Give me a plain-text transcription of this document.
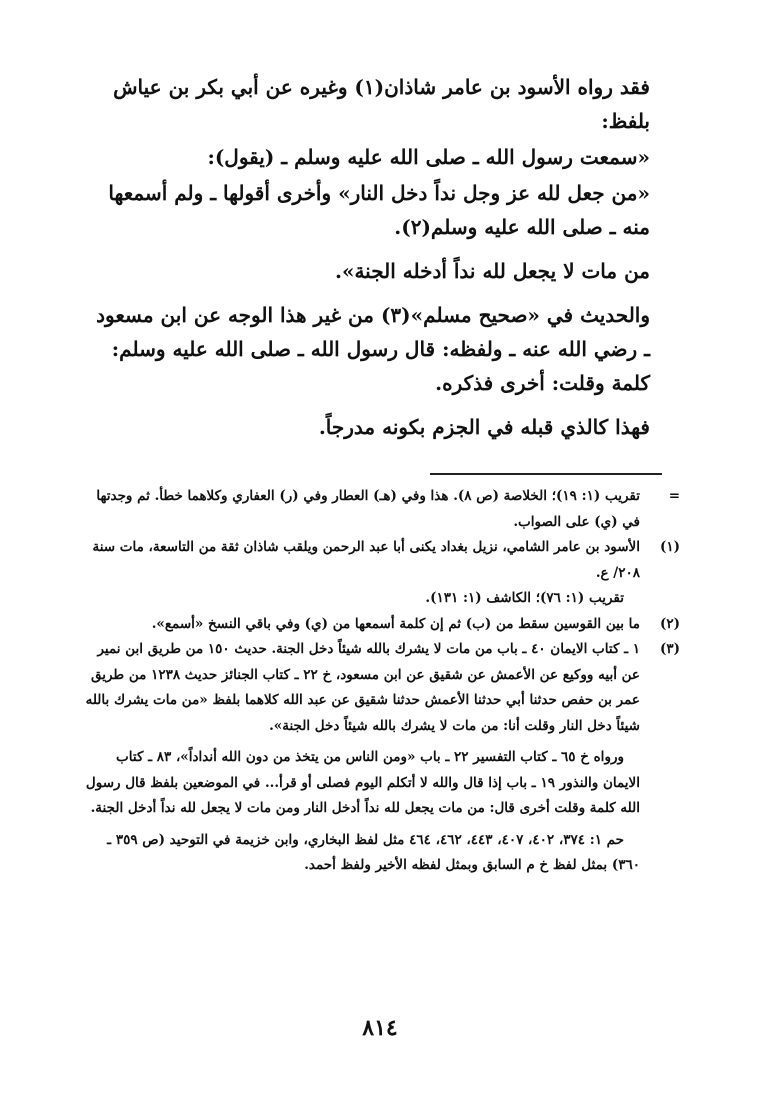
فقد رواه الأسود بن عامر شاذان(١) وغيره عن أبي بكر بن عياش بلفظ:

«سمعت رسول الله ـ صلى الله عليه وسلم ـ (يقول):

«من جعل لله عز وجل نداً دخل النار» وأخرى أقولها ـ ولم أسمعها منه ـ صلى الله عليه وسلم(٢).

من مات لا يجعل لله نداً أدخله الجنة».

والحديث في «صحيح مسلم»(٣) من غير هذا الوجه عن ابن مسعود ـ رضي الله عنه ـ ولفظه: قال رسول الله ـ صلى الله عليه وسلم: كلمة وقلت: أخرى فذكره.

فهذا كالذي قبله في الجزم بكونه مدرجاً.

=

تقريب (١: ١٩)؛ الخلاصة (ص ٨). هذا وفي (هـ) العطار وفي (ر) العفاري وكلاهما خطأ. ثم وجدتها في (ي) على الصواب.

(١)

الأسود بن عامر الشامي، نزيل بغداد يكنى أبا عبد الرحمن ويلقب شاذان ثقة من التاسعة، مات سنة ٢٠٨/ ع.

تقريب (١: ٧٦)؛ الكاشف (١: ١٣١).

(٢)

ما بين القوسين سقط من (ب) ثم إن كلمة أسمعها من (ي) وفي باقي النسخ «أسمع».

(٣)

١ ـ كتاب الايمان ٤٠ ـ باب من مات لا يشرك بالله شيئاً دخل الجنة. حديث ١٥٠ من طريق ابن نمير عن أبيه ووكيع عن الأعمش عن شقيق عن ابن مسعود، خ ٢٢ ـ كتاب الجنائز حديث ١٢٣٨ من طريق عمر بن حفص حدثنا أبي حدثنا الأعمش حدثنا شقيق عن عبد الله كلاهما بلفظ «من مات يشرك بالله شيئاً دخل النار وقلت أنا: من مات لا يشرك بالله شيئاً دخل الجنة».

ورواه خ ٦٥ ـ كتاب التفسير ٢٢ ـ باب «ومن الناس من يتخذ من دون الله أنداداً»، ٨٣ ـ كتاب الايمان والنذور ١٩ ـ باب إذا قال والله لا أتكلم اليوم فصلى أو قرأ... في الموضعين بلفظ قال رسول الله كلمة وقلت أخرى قال: من مات يجعل لله نداً أدخل النار ومن مات لا يجعل لله نداً أدخل الجنة.

حم ١: ٣٧٤، ٤٠٢، ٤٠٧، ٤٤٣، ٤٦٢، ٤٦٤ مثل لفظ البخاري، وابن خزيمة في التوحيد (ص ٣٥٩ ـ ٣٦٠) بمثل لفظ خ م السابق وبمثل لفظه الأخير ولفظ أحمد.

٨١٤
